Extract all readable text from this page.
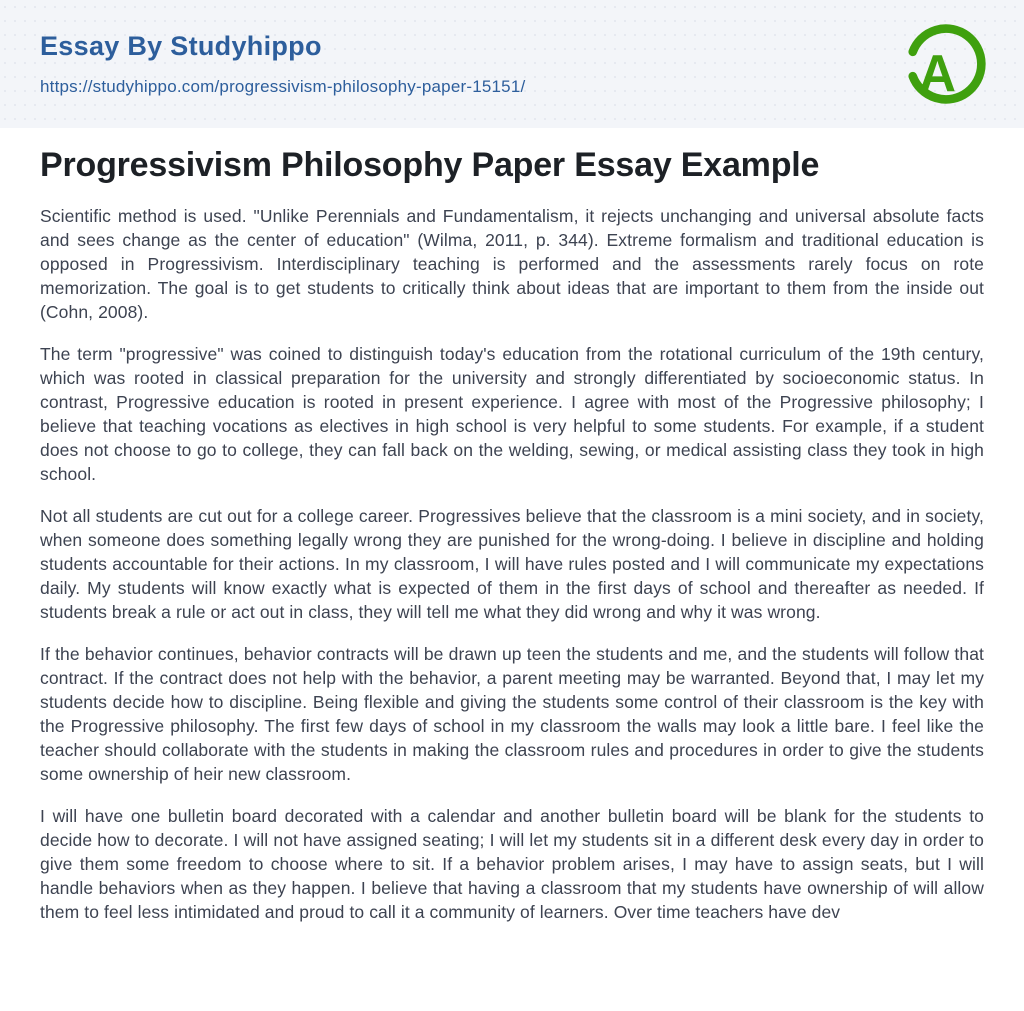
Essay By Studyhippo
https://studyhippo.com/progressivism-philosophy-paper-15151/	A
Progressivism Philosophy Paper Essay Example

Scientific method is used. "Unlike Perennials and Fundamentalism, it rejects unchanging and universal absolute facts and sees change as the center of education" (Wilma, 2011, p. 344). Extreme formalism and traditional education is opposed in Progressivism. Interdisciplinary teaching is performed and the assessments rarely focus on rote memorization. The goal is to get students to critically think about ideas that are important to them from the inside out (Cohn, 2008).

The term "progressive" was coined to distinguish today's education from the rotational curriculum of the 19th century, which was rooted in classical preparation for the university and strongly differentiated by socioeconomic status. In contrast, Progressive education is rooted in present experience. I agree with most of the Progressive philosophy; I believe that teaching vocations as electives in high school is very helpful to some students. For example, if a student does not choose to go to college, they can fall back on the welding, sewing, or medical assisting class they took in high school.

Not all students are cut out for a college career. Progressives believe that the classroom is a mini society, and in society, when someone does something legally wrong they are punished for the wrong-doing. I believe in discipline and holding students accountable for their actions. In my classroom, I will have rules posted and I will communicate my expectations daily. My students will know exactly what is expected of them in the first days of school and thereafter as needed. If students break a rule or act out in class, they will tell me what they did wrong and why it was wrong.

If the behavior continues, behavior contracts will be drawn up teen the students and me, and the students will follow that contract. If the contract does not help with the behavior, a parent meeting may be warranted. Beyond that, I may let my students decide how to discipline. Being flexible and giving the students some control of their classroom is the key with the Progressive philosophy. The first few days of school in my classroom the walls may look a little bare. I feel like the teacher should collaborate with the students in making the classroom rules and procedures in order to give the students some ownership of heir new classroom.

I will have one bulletin board decorated with a calendar and another bulletin board will be blank for the students to decide how to decorate. I will not have assigned seating; I will let my students sit in a different desk every day in order to give them some freedom to choose where to sit. If a behavior problem arises, I may have to assign seats, but I will handle behaviors when as they happen. I believe that having a classroom that my students have ownership of will allow them to feel less intimidated and proud to call it a community of learners. Over time teachers have dev
